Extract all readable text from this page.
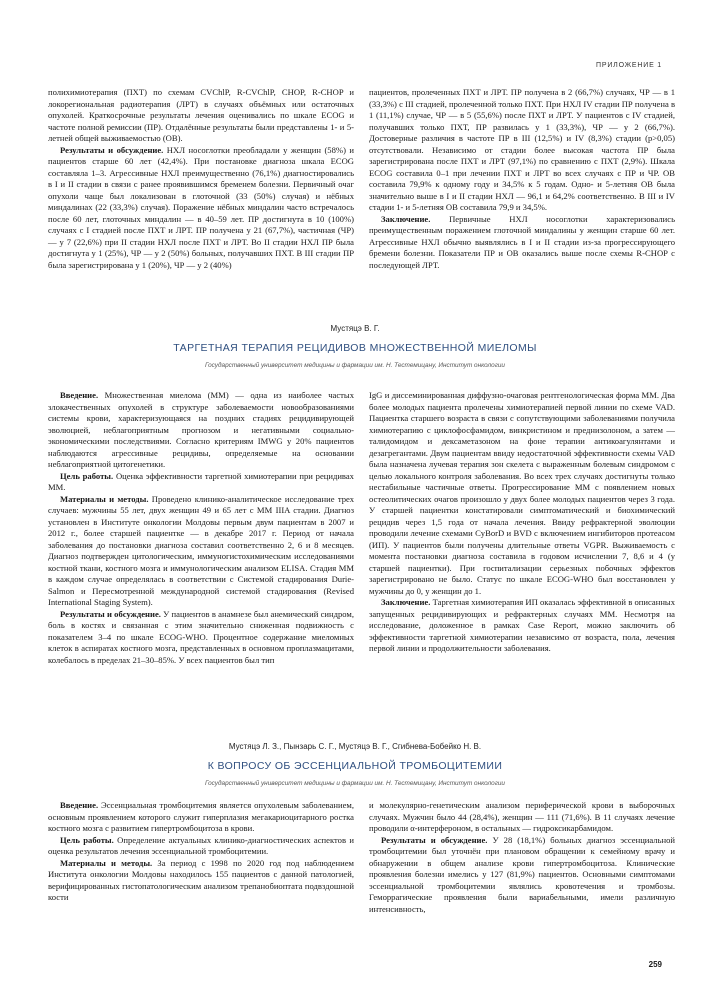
ПРИЛОЖЕНИЕ 1

полихимиотерапия (ПХТ) по схемам CVChlP, R-CVChlP, CHOP, R-CHOP и локорегиональная радиотерапия (ЛРТ) в случаях объёмных или остаточных опухолей. Краткосрочные результаты лечения оценивались по шкале ECOG и частоте полной ремиссии (ПР). Отдалённые результаты были представлены 1- и 5-летней общей выживаемостью (ОВ).

Результаты и обсуждение. НХЛ носоглотки преобладали у женщин (58%) и пациентов старше 60 лет (42,4%). При постановке диагноза шкала ECOG составляла 1–3. Агрессивные НХЛ преимущественно (76,1%) диагностировались в I и II стадии в связи с ранее проявившимся бременем болезни. Первичный очаг опухоли чаще был локализован в глоточной (33 (50%) случая) и нёбных миндалинах (22 (33,3%) случая). Поражение нёбных миндалин часто встречалось после 60 лет, глоточных миндалин — в 40–59 лет. ПР достигнута в 10 (100%) случаях с I стадией после ПХТ и ЛРТ. ПР получена у 21 (67,7%), частичная (ЧР) — у 7 (22,6%) при II стадии НХЛ после ПХТ и ЛРТ. Во II стадии НХЛ ПР была достигнута у 1 (25%), ЧР — у 2 (50%) больных, получавших ПХТ. В III стадии ПР была зарегистрирована у 1 (20%), ЧР — у 2 (40%)

пациентов, пролеченных ПХТ и ЛРТ. ПР получена в 2 (66,7%) случаях, ЧР — в 1 (33,3%) с III стадией, пролеченной только ПХТ. При НХЛ IV стадии ПР получена в 1 (11,1%) случае, ЧР — в 5 (55,6%) после ПХТ и ЛРТ. У пациентов с IV стадией, получавших только ПХТ, ПР развилась у 1 (33,3%), ЧР — у 2 (66,7%). Достоверные различия в частоте ПР в III (12,5%) и IV (8,3%) стадии (p>0,05) отсутствовали. Независимо от стадии более высокая частота ПР была зарегистрирована после ПХТ и ЛРТ (97,1%) по сравнению с ПХТ (2,9%). Шкала ECOG составила 0–1 при лечении ПХТ и ЛРТ во всех случаях с ПР и ЧР. ОВ составила 79,9% к одному году и 34,5% к 5 годам. Одно- и 5-летняя ОВ была значительно выше в I и II стадии НХЛ — 96,1 и 64,2% соответственно. В III и IV стадии 1- и 5-летняя ОВ составила 79,9 и 34,5%.

Заключение. Первичные НХЛ носоглотки характеризовались преимущественным поражением глоточной миндалины у женщин старше 60 лет. Агрессивные НХЛ обычно выявлялись в I и II стадии из-за прогрессирующего бремени болезни. Показатели ПР и ОВ оказались выше после схемы R-CHOP с последующей ЛРТ.

Мустяцэ В. Г.
ТАРГЕТНАЯ ТЕРАПИЯ РЕЦИДИВОВ МНОЖЕСТВЕННОЙ МИЕЛОМЫ
Государственный университет медицины и фармации им. Н. Тестемицану, Институт онкологии

Введение. Множественная миелома (ММ) — одна из наиболее частых злокачественных опухолей в структуре заболеваемости новообразованиями системы крови, характеризующаяся на поздних стадиях рецидивирующей эволюцией, неблагоприятным прогнозом и негативными социально-экономическими последствиями. Согласно критериям IMWG у 20% пациентов наблюдаются агрессивные рецидивы, определяемые на основании неблагоприятной цитогенетики.

Цель работы. Оценка эффективности таргетной химиотерапии при рецидивах ММ.

Материалы и методы. Проведено клинико-аналитическое исследование трех случаев: мужчины 55 лет, двух женщин 49 и 65 лет с ММ IIIA стадии. Диагноз установлен в Институте онкологии Молдовы первым двум пациентам в 2007 и 2012 г., более старшей пациентке — в декабре 2017 г. Период от начала заболевания до постановки диагноза составил соответственно 2, 6 и 8 месяцев. Диагноз подтвержден цитологическим, иммуногистохимическим исследованиями костной ткани, костного мозга и иммунологическим анализом ELISA. Стадия ММ в каждом случае определялась в соответствии с Системой стадирования Durie-Salmon и Пересмотренной международной системой стадирования (Revised International Staging System).

Результаты и обсуждение. У пациентов в анамнезе был анемический синдром, боль в костях и связанная с этим значительно сниженная подвижность с показателем 3–4 по шкале ECOG-WHO. Процентное содержание миеломных клеток в аспиратах костного мозга, представленных в основном проплазмацитами, колебалось в пределах 21–30–85%. У всех пациентов был тип

IgG и диссеминированная диффузно-очаговая рентгенологическая форма ММ. Два более молодых пациента пролечены химиотерапией первой линии по схеме VAD. Пациентка старшего возраста в связи с сопутствующими заболеваниями получила химиотерапию с циклофосфамидом, винкристином и преднизолоном, а затем — талидомидом и дексаметазоном на фоне терапии антикоагулянтами и дезагрегантами. Двум пациентам ввиду недостаточной эффективности схемы VAD была назначена лучевая терапия зон скелета с выраженным болевым синдромом с целью локального контроля заболевания. Во всех трех случаях достигнуты только нестабильные частичные ответы. Прогрессирование ММ с появлением новых остеолитических очагов произошло у двух более молодых пациентов через 3 года. У старшей пациентки констатировали симптоматический и биохимический рецидив через 1,5 года от начала лечения. Ввиду рефрактерной эволюции проводили лечение схемами CyBorD и BVD с включением ингибиторов протеасом (ИП). У пациентов были получены длительные ответы VGPR. Выживаемость с момента постановки диагноза составила в годовом исчислении 7, 8,6 и 4 (у старшей пациентки). При госпитализации серьезных побочных эффектов зарегистрировано не было. Статус по шкале ECOG-WHO был восстановлен у мужчины до 0, у женщин до 1.

Заключение. Таргетная химиотерапия ИП оказалась эффективной в описанных запущенных рецидивирующих и рефрактерных случаях ММ. Несмотря на исследование, доложенное в рамках Case Report, можно заключить об эффективности таргетной химиотерапии независимо от возраста, пола, лечения первой линии и продолжительности заболевания.

Мустяцэ Л. З., Пынзарь С. Г., Мустяцэ В. Г., Сгибнева-Бобейко Н. В.
К ВОПРОСУ ОБ ЭССЕНЦИАЛЬНОЙ ТРОМБОЦИТЕМИИ
Государственный университет медицины и фармации им. Н. Тестемицану, Институт онкологии

Введение. Эссенциальная тромбоцитемия является опухолевым заболеванием, основным проявлением которого служит гиперплазия мегакариоцитарного ростка костного мозга с развитием гипертромбоцитоза в крови.

Цель работы. Определение актуальных клинико-диагностических аспектов и оценка результатов лечения эссенциальной тромбоцитемии.

Материалы и методы. За период с 1998 по 2020 год под наблюдением Института онкологии Молдовы находилось 155 пациентов с данной патологией, верифицированных гистопатологическим анализом трепанобиоптата подвздошной кости

и молекулярно-генетическим анализом периферической крови в выборочных случаях. Мужчин было 44 (28,4%), женщин — 111 (71,6%). В 11 случаях лечение проводили α-интерфероном, в остальных — гидроксикарбамидом.

Результаты и обсуждение. У 28 (18,1%) больных диагноз эссенциальной тромбоцитемии был уточнён при плановом обращении к семейному врачу и обнаружении в общем анализе крови гипертромбоцитоза. Клинические проявления болезни имелись у 127 (81,9%) пациентов. Основными симптомами эссенциальной тромбоцитемии являлись кровотечения и тромбозы. Геморрагические проявления были вариабельными, имели различную интенсивность,

259
